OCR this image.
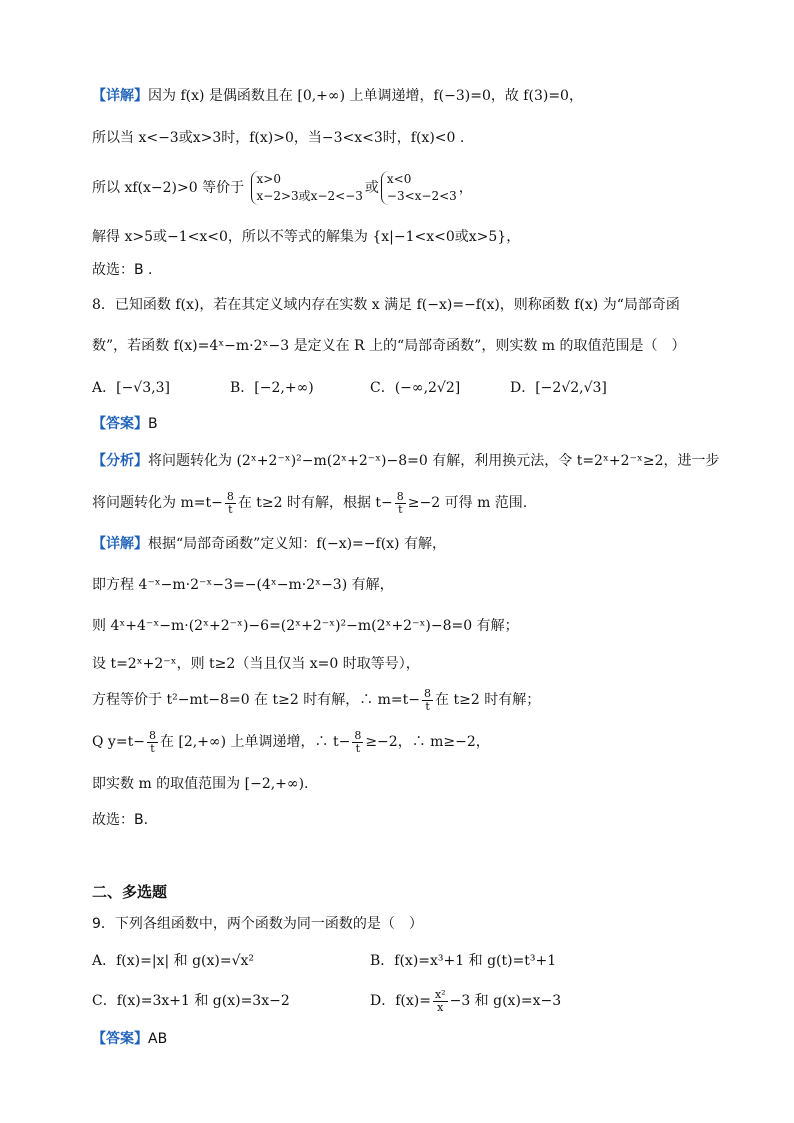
【详解】因为 f(x) 是偶函数且在 [0,+∞) 上单调递增，f(−3)=0，故 f(3)=0，
所以当 x<−3或x>3时，f(x)>0，当−3<x<3时，f(x)<0 .
所以 xf(x−2)>0 等价于
x>0
x−2>3或x−2<−3 或
x<0
−3<x−2<3 ，
解得 x>5或−1<x<0，所以不等式的解集为 {x|−1<x<0或x>5}，
故选：B .
8．已知函数 f(x)，若在其定义域内存在实数 x 满足 f(−x)=−f(x)，则称函数 f(x) 为“局部奇函
数”，若函数 f(x)=4ˣ−m·2ˣ−3 是定义在 R 上的“局部奇函数”，则实数 m 的取值范围是（　）
A．[−√3,3]	B．[−2,+∞)	C．(−∞,2√2]	D．[−2√2,√3]
【答案】B
【分析】将问题转化为 (2ˣ+2⁻ˣ)²−m(2ˣ+2⁻ˣ)−8=0 有解，利用换元法，令 t=2ˣ+2⁻ˣ≥2，进一步
将问题转化为 $m=t- \frac{8}{t}$ 在 t≥2 时有解，根据 $t- \frac{8}{t} \ge-2$ 可得 m 范围.
【详解】根据“局部奇函数”定义知：f(−x)=−f(x) 有解，
即方程 4⁻ˣ−m·2⁻ˣ−3=−(4ˣ−m·2ˣ−3) 有解，
则 4ˣ+4⁻ˣ−m·(2ˣ+2⁻ˣ)−6=(2ˣ+2⁻ˣ)²−m(2ˣ+2⁻ˣ)−8=0 有解；
设 t=2ˣ+2⁻ˣ，则 t≥2（当且仅当 x=0 时取等号），
方程等价于 t²−mt−8=0 在 t≥2 时有解，∴ $m=t- \frac{8}{t}$ 在 t≥2 时有解；
Q $y=t- \frac{8}{t}$ 在 [2,+∞) 上单调递增，∴ $t- \frac{8}{t} \ge-2$，∴ m≥−2，
即实数 m 的取值范围为 [−2,+∞).
故选：B.
二、多选题
9．下列各组函数中，两个函数为同一函数的是（　）
A．f(x)=|x| 和 g(x)=√x²	B．f(x)=x³+1 和 g(t)=t³+1
C．f(x)=3x+1 和 g(x)=3x−2	D．$f(x)= \frac{\text{x²}}{x} -3$ 和 g(x)=x−3
【答案】AB
